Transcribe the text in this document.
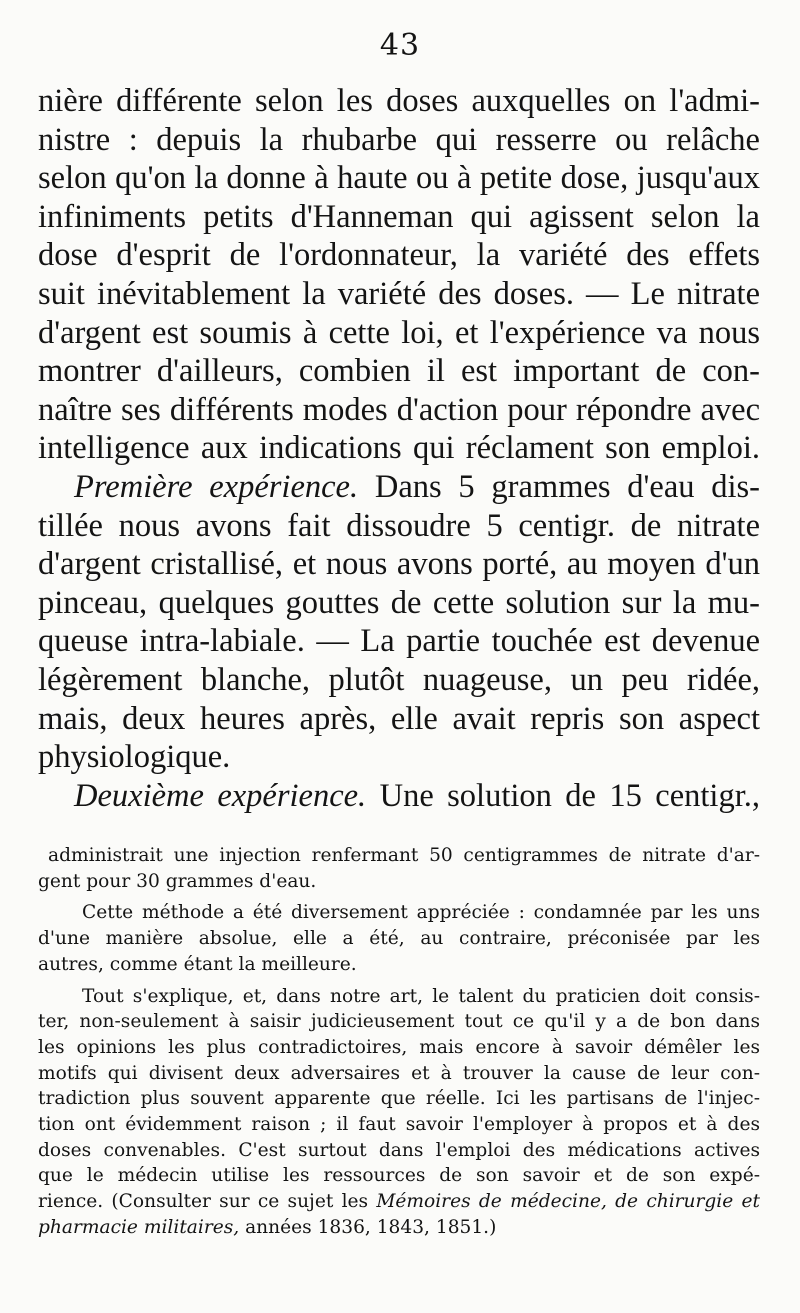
43
nière différente selon les doses auxquelles on l'admi-
nistre : depuis la rhubarbe qui resserre ou relâche
selon qu'on la donne à haute ou à petite dose, jusqu'aux
infiniments petits d'Hanneman qui agissent selon la
dose d'esprit de l'ordonnateur, la variété des effets
suit inévitablement la variété des doses. — Le nitrate
d'argent est soumis à cette loi, et l'expérience va nous
montrer d'ailleurs, combien il est important de con-
naître ses différents modes d'action pour répondre avec
intelligence aux indications qui réclament son emploi.
Première expérience. Dans 5 grammes d'eau dis-
tillée nous avons fait dissoudre 5 centigr. de nitrate
d'argent cristallisé, et nous avons porté, au moyen d'un
pinceau, quelques gouttes de cette solution sur la mu-
queuse intra-labiale. — La partie touchée est devenue
légèrement blanche, plutôt nuageuse, un peu ridée,
mais, deux heures après, elle avait repris son aspect
physiologique.
Deuxième expérience. Une solution de 15 centigr.,
administrait une injection renfermant 50 centigrammes de nitrate d'ar-
gent pour 30 grammes d'eau.
Cette méthode a été diversement appréciée : condamnée par les uns
d'une manière absolue, elle a été, au contraire, préconisée par les
autres, comme étant la meilleure.
Tout s'explique, et, dans notre art, le talent du praticien doit consis-
ter, non-seulement à saisir judicieusement tout ce qu'il y a de bon dans
les opinions les plus contradictoires, mais encore à savoir démêler les
motifs qui divisent deux adversaires et à trouver la cause de leur con-
tradiction plus souvent apparente que réelle. Ici les partisans de l'injec-
tion ont évidemment raison ; il faut savoir l'employer à propos et à des
doses convenables. C'est surtout dans l'emploi des médications actives
que le médecin utilise les ressources de son savoir et de son expé-
rience. (Consulter sur ce sujet les Mémoires de médecine, de chirurgie et
pharmacie militaires, années 1836, 1843, 1851.)
